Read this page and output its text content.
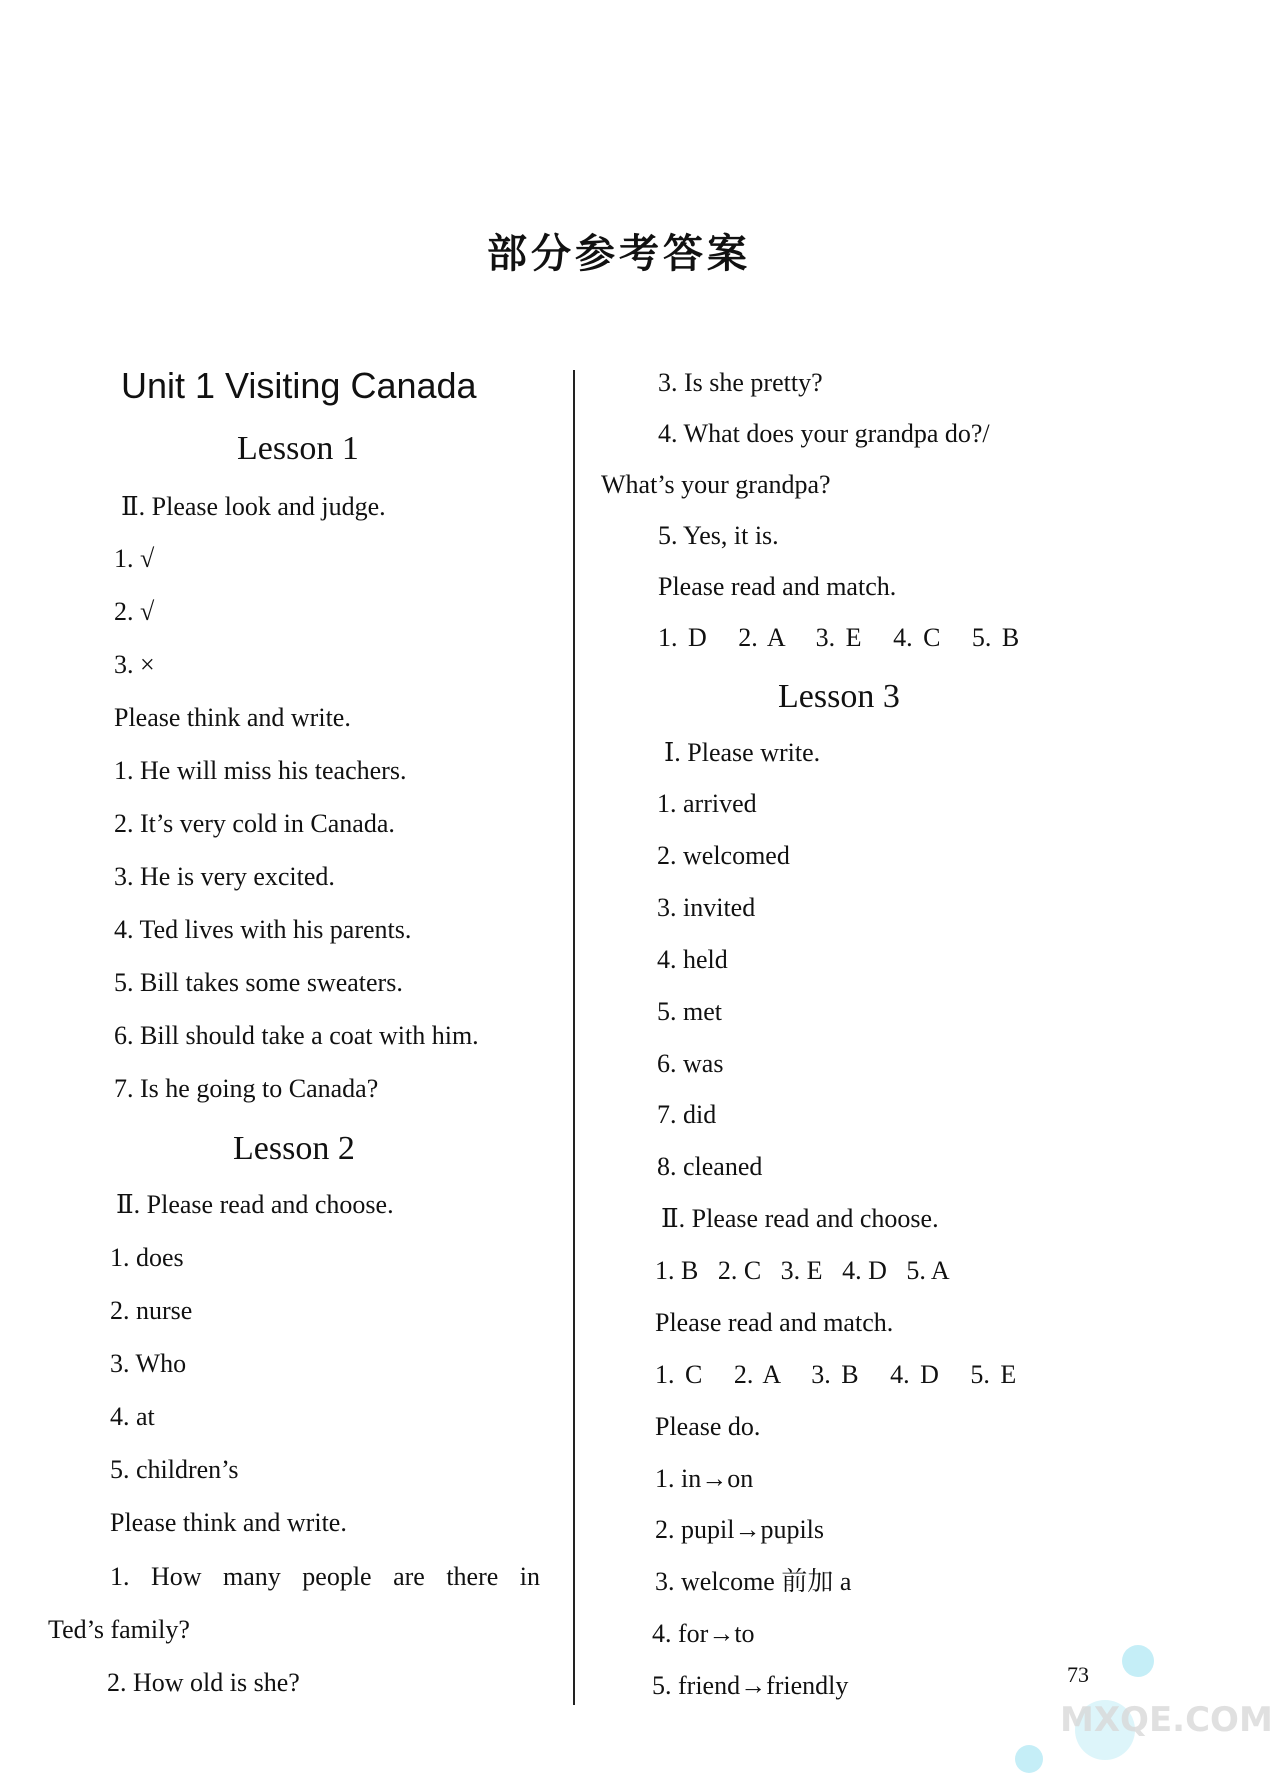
部分参考答案
Unit 1 Visiting Canada
Lesson 1
Ⅱ. Please look and judge.
1. √
2. √
3. ×
Please think and write.
1. He will miss his teachers.
2. It’s very cold in Canada.
3. He is very excited.
4. Ted lives with his parents.
5. Bill takes some sweaters.
6. Bill should take a coat with him.
7. Is he going to Canada?
Lesson 2
Ⅱ. Please read and choose.
1. does
2. nurse
3. Who
4. at
5. children’s
Please think and write.
1. How many people are there in
Ted’s family?
2. How old is she?
3. Is she pretty?
4. What does your grandpa do?/
What’s your grandpa?
5. Yes, it is.
Please read and match.
1. D   2. A   3. E   4. C   5. B
Lesson 3
Ⅰ. Please write.
1. arrived
2. welcomed
3. invited
4. held
5. met
6. was
7. did
8. cleaned
Ⅱ. Please read and choose.
1. B   2. C   3. E   4. D   5. A
Please read and match.
1. C   2. A   3. B   4. D   5. E
Please do.
1. in→on
2. pupil→pupils
3. welcome 前加 a
4. for→to
5. friend→friendly	73
MXQE.COM
